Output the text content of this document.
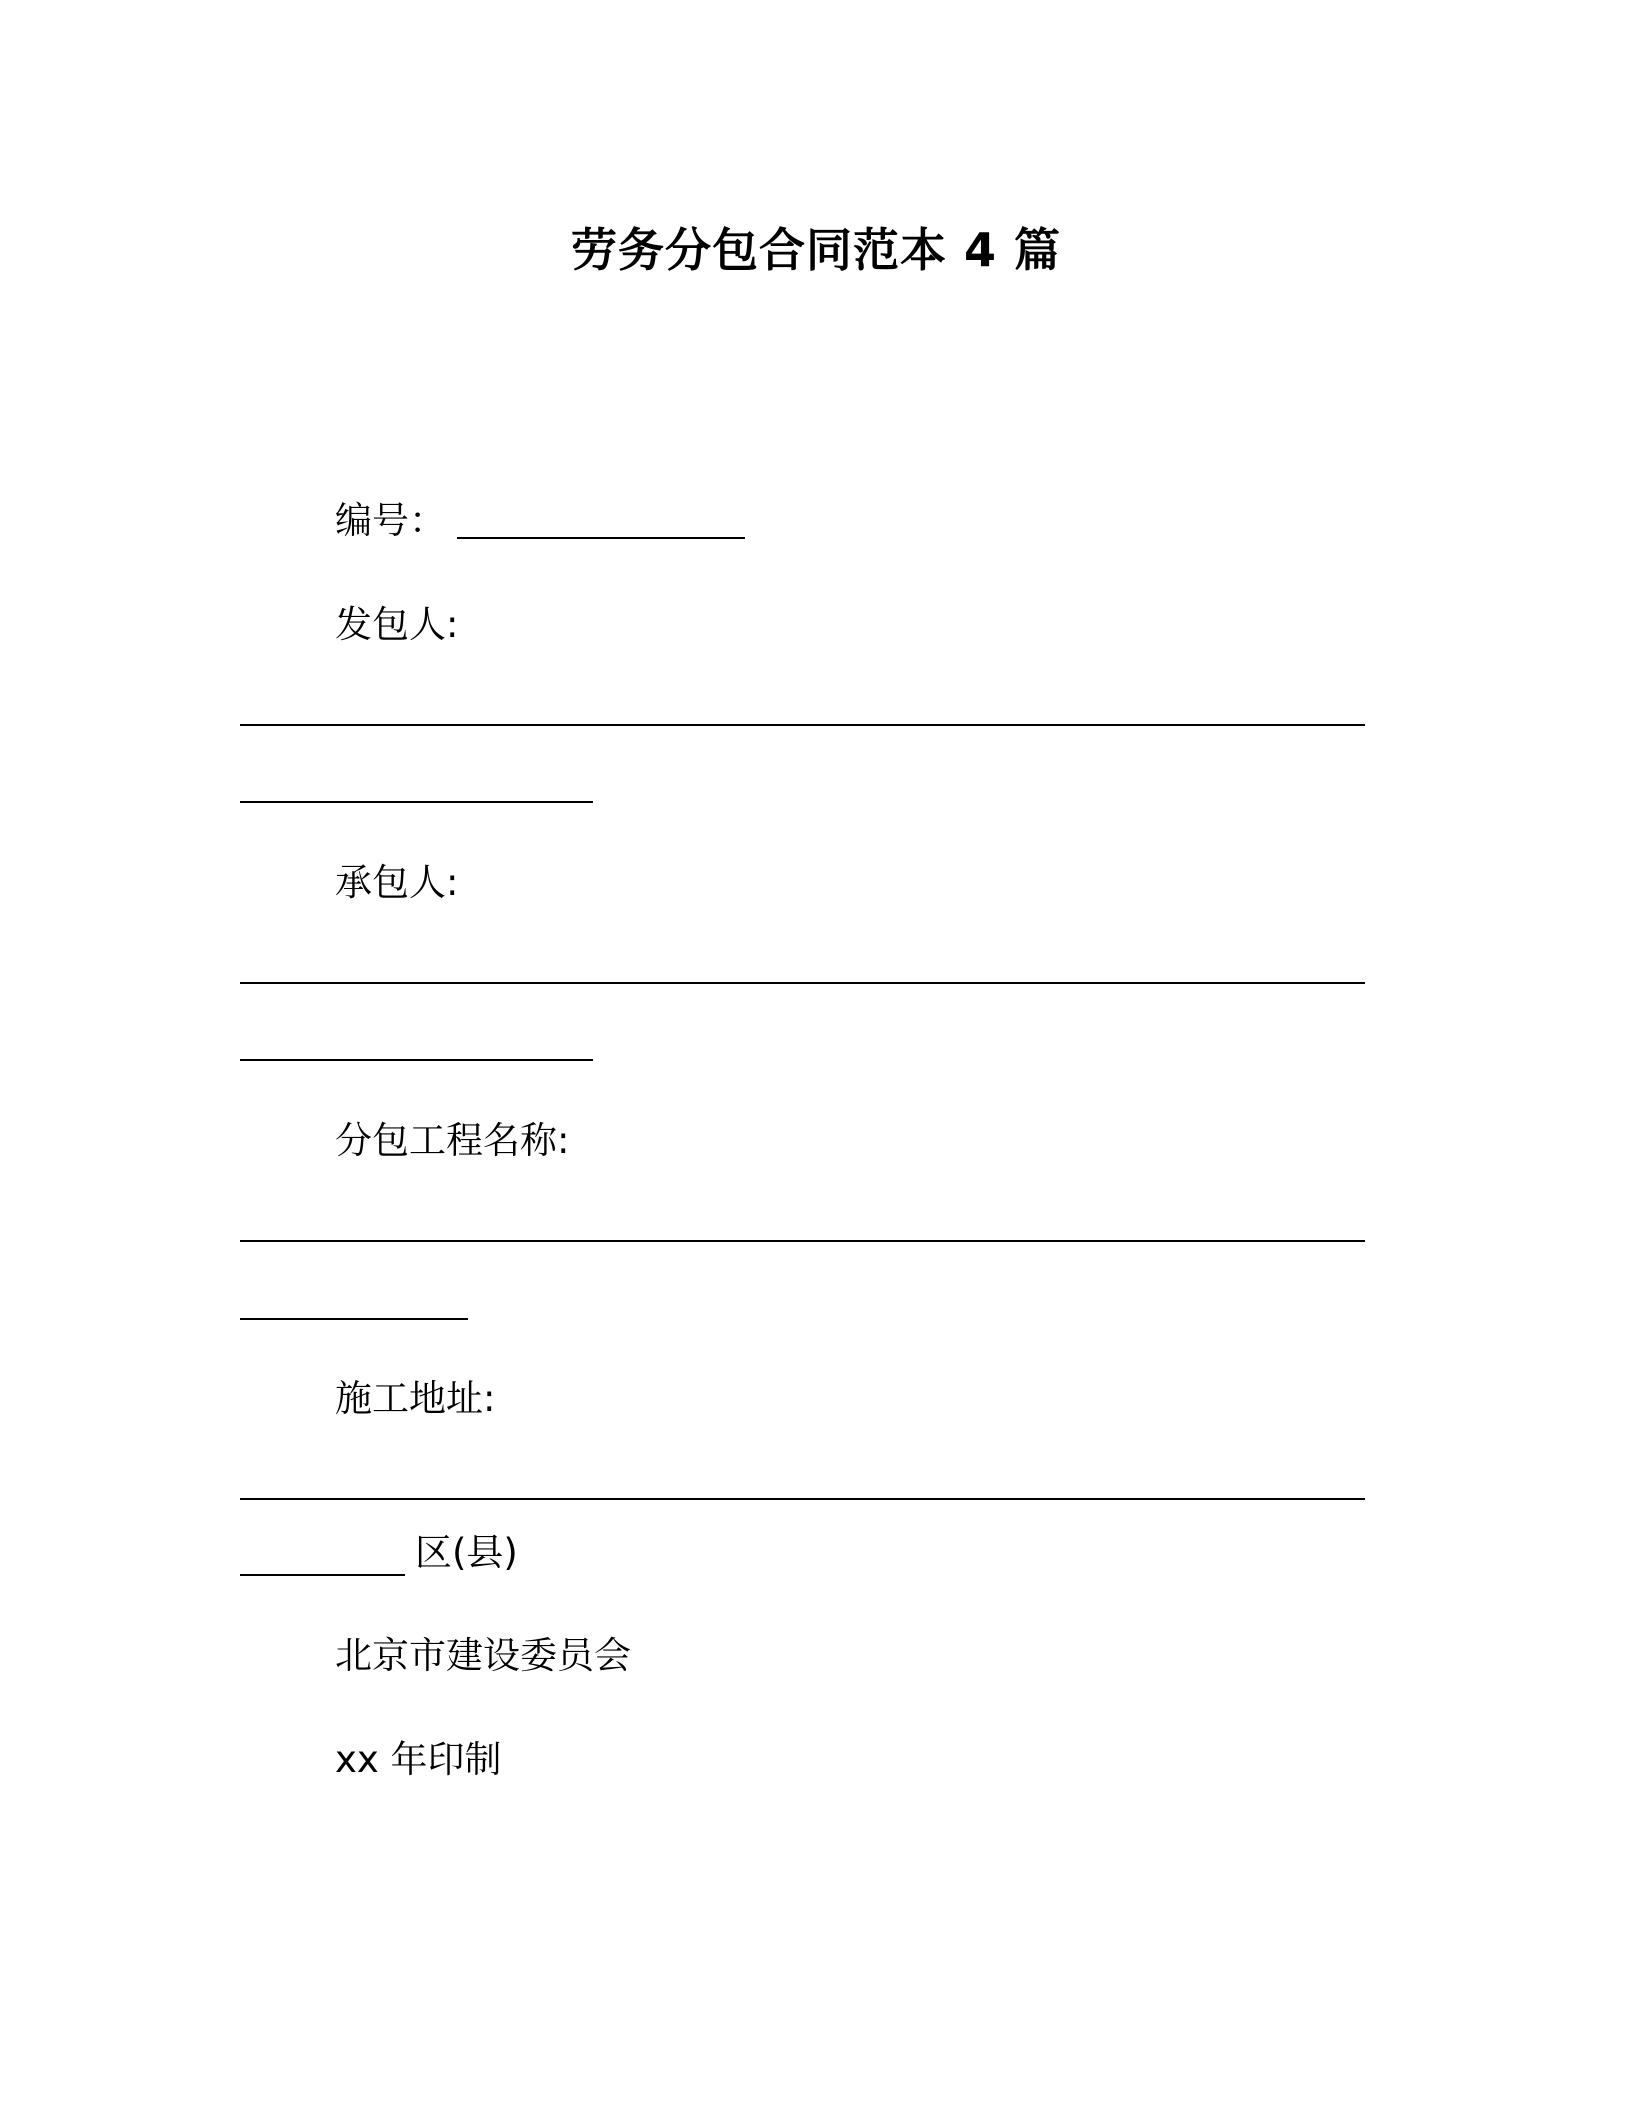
劳务分包合同范本 4 篇
编号：
发包人:
承包人:
分包工程名称:
施工地址:
区(县)
北京市建设委员会
xx 年印制
